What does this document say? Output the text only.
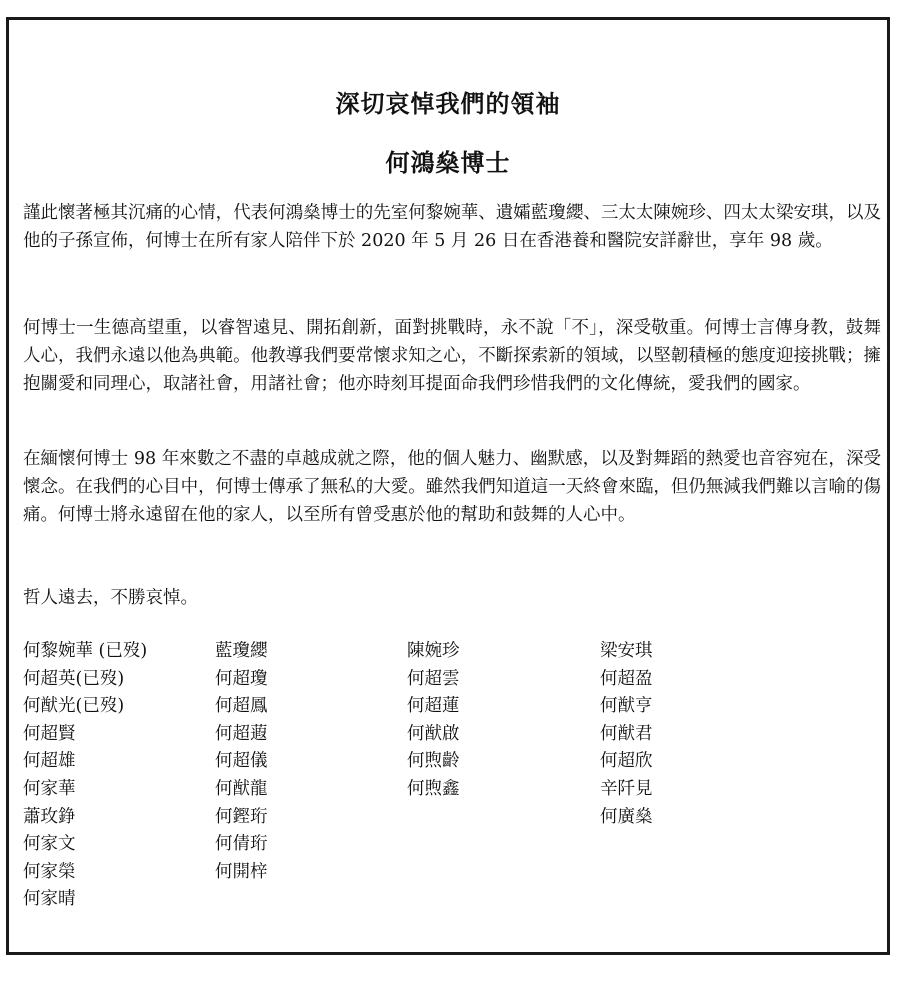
深切哀悼我們的領袖
何鴻燊博士

謹此懷著極其沉痛的心情，代表何鴻燊博士的先室何黎婉華、遺孀藍瓊纓、三太太陳婉珍、四太太梁安琪，以及他的子孫宣佈，何博士在所有家人陪伴下於 2020 年 5 月 26 日在香港養和醫院安詳辭世，享年 98 歲。

何博士一生德高望重，以睿智遠見、開拓創新，面對挑戰時，永不說「不」，深受敬重。何博士言傳身教，鼓舞人心，我們永遠以他為典範。他教導我們要常懷求知之心，不斷探索新的領域，以堅韌積極的態度迎接挑戰；擁抱關愛和同理心，取諸社會，用諸社會；他亦時刻耳提面命我們珍惜我們的文化傳統，愛我們的國家。

在緬懷何博士 98 年來數之不盡的卓越成就之際，他的個人魅力、幽默感，以及對舞蹈的熱愛也音容宛在，深受懷念。在我們的心目中，何博士傳承了無私的大愛。雖然我們知道這一天終會來臨，但仍無減我們難以言喻的傷痛。何博士將永遠留在他的家人，以至所有曾受惠於他的幫助和鼓舞的人心中。

哲人遠去，不勝哀悼。
何黎婉華 (已歿)
何超英(已歿)
何猷光(已歿)
何超賢
何超雄
何家華
蕭玫錚
何家文
何家榮
何家晴
藍瓊纓
何超瓊
何超鳳
何超蕸
何超儀
何猷龍
何鏗珩
何倩珩
何開梓
陳婉珍
何超雲
何超蓮
何猷啟
何煦齡
何煦鑫
梁安琪
何超盈
何猷亨
何猷君
何超欣
辛阡見
何廣燊
